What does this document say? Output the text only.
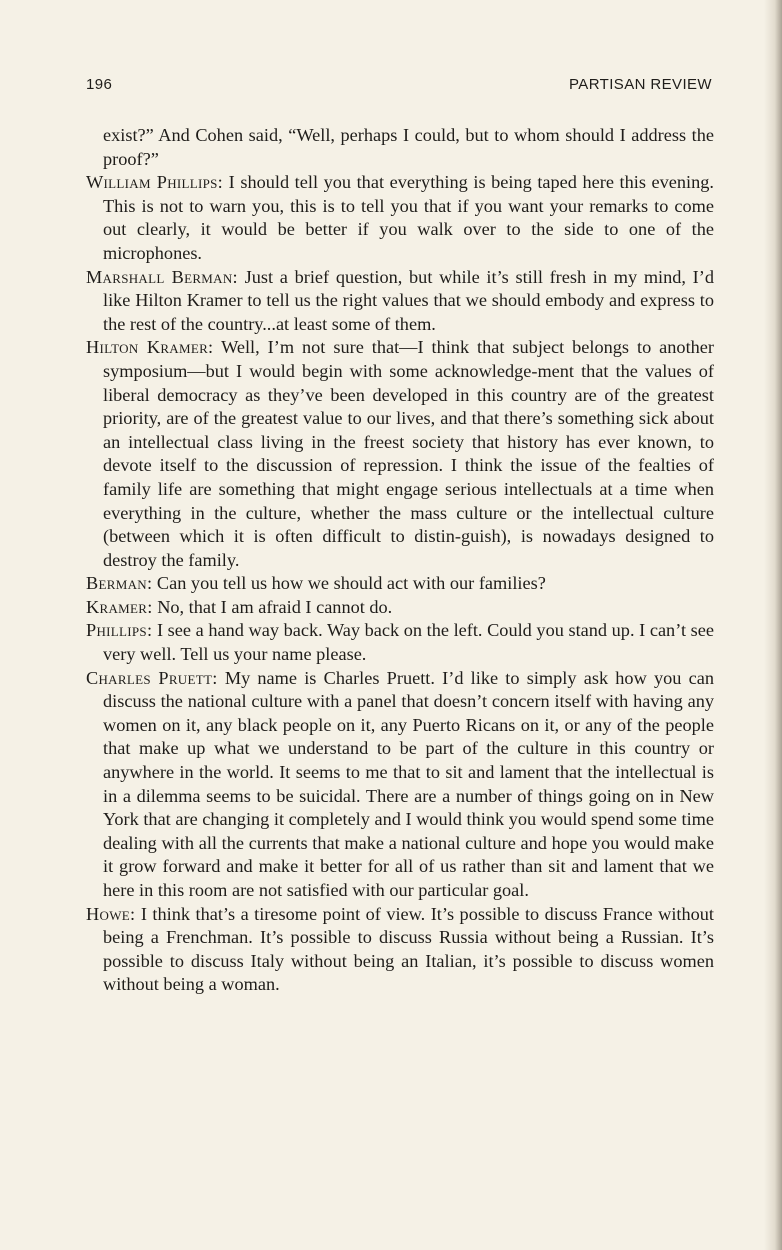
196	PARTISAN REVIEW

exist?” And Cohen said, “Well, perhaps I could, but to whom should I address the proof?”

William Phillips: I should tell you that everything is being taped here this evening. This is not to warn you, this is to tell you that if you want your remarks to come out clearly, it would be better if you walk over to the side to one of the microphones.

Marshall Berman: Just a brief question, but while it’s still fresh in my mind, I’d like Hilton Kramer to tell us the right values that we should embody and express to the rest of the country...at least some of them.

Hilton Kramer: Well, I’m not sure that—I think that subject belongs to another symposium—but I would begin with some acknowledge-ment that the values of liberal democracy as they’ve been developed in this country are of the greatest priority, are of the greatest value to our lives, and that there’s something sick about an intellectual class living in the freest society that history has ever known, to devote itself to the discussion of repression. I think the issue of the fealties of family life are something that might engage serious intellectuals at a time when everything in the culture, whether the mass culture or the intellectual culture (between which it is often difficult to distin-guish), is nowadays designed to destroy the family.

Berman: Can you tell us how we should act with our families?

Kramer: No, that I am afraid I cannot do.

Phillips: I see a hand way back. Way back on the left. Could you stand up. I can’t see very well. Tell us your name please.

Charles Pruett: My name is Charles Pruett. I’d like to simply ask how you can discuss the national culture with a panel that doesn’t concern itself with having any women on it, any black people on it, any Puerto Ricans on it, or any of the people that make up what we understand to be part of the culture in this country or anywhere in the world. It seems to me that to sit and lament that the intellectual is in a dilemma seems to be suicidal. There are a number of things going on in New York that are changing it completely and I would think you would spend some time dealing with all the currents that make a national culture and hope you would make it grow forward and make it better for all of us rather than sit and lament that we here in this room are not satisfied with our particular goal.

Howe: I think that’s a tiresome point of view. It’s possible to discuss France without being a Frenchman. It’s possible to discuss Russia without being a Russian. It’s possible to discuss Italy without being an Italian, it’s possible to discuss women without being a woman.
